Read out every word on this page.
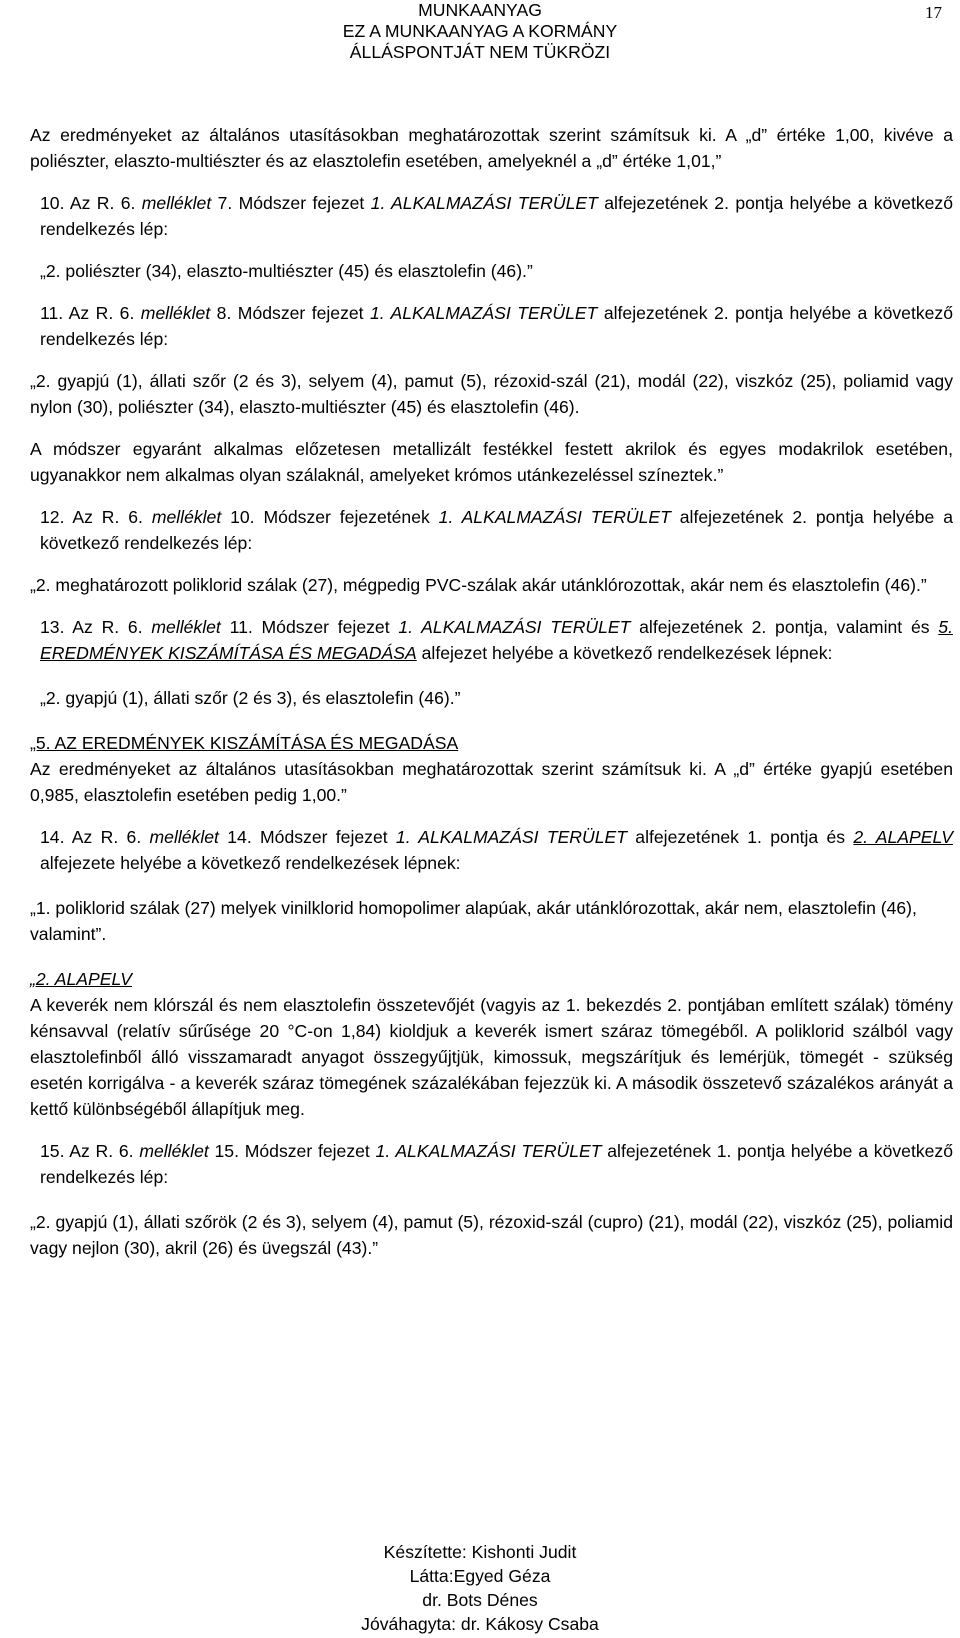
MUNKAANYAG
EZ A MUNKAANYAG A KORMÁNY
ÁLLÁSPONTJÁT NEM TÜKRÖZI
17

Az eredményeket az általános utasításokban meghatározottak szerint számítsuk ki. A „d” értéke 1,00, kivéve a poliészter, elaszto-multiészter és az elasztolefin esetében, amelyeknél a „d” értéke 1,01,”

10. Az R. 6. melléklet 7. Módszer fejezet 1. ALKALMAZÁSI TERÜLET alfejezetének 2. pontja helyébe a következő rendelkezés lép:

„2. poliészter (34), elaszto-multiészter (45) és elasztolefin (46).”

11. Az R. 6. melléklet 8. Módszer fejezet 1. ALKALMAZÁSI TERÜLET alfejezetének 2. pontja helyébe a következő rendelkezés lép:

„2. gyapjú (1), állati szőr (2 és 3), selyem (4), pamut (5), rézoxid-szál (21), modál (22), viszkóz (25), poliamid vagy nylon (30), poliészter (34), elaszto-multiészter (45) és elasztolefin (46).

A módszer egyaránt alkalmas előzetesen metallizált festékkel festett akrilok és egyes modakrilok esetében, ugyanakkor nem alkalmas olyan szálaknál, amelyeket krómos utánkezeléssel színeztek.”

12. Az R. 6. melléklet 10. Módszer fejezetének 1. ALKALMAZÁSI TERÜLET alfejezetének 2. pontja helyébe a következő rendelkezés lép:

„2. meghatározott poliklorid szálak (27), mégpedig PVC-szálak akár utánklórozottak, akár nem és elasztolefin (46).”

13. Az R. 6. melléklet 11. Módszer fejezet 1. ALKALMAZÁSI TERÜLET alfejezetének 2. pontja, valamint és 5. EREDMÉNYEK KISZÁMÍTÁSA ÉS MEGADÁSA alfejezet helyébe a következő rendelkezések lépnek:

„2. gyapjú (1), állati szőr (2 és 3), és elasztolefin (46).”

„5. AZ EREDMÉNYEK KISZÁMÍTÁSA ÉS MEGADÁSA

Az eredményeket az általános utasításokban meghatározottak szerint számítsuk ki. A „d” értéke gyapjú esetében 0,985, elasztolefin esetében pedig 1,00.”

14. Az R. 6. melléklet 14. Módszer fejezet 1. ALKALMAZÁSI TERÜLET alfejezetének 1. pontja és 2. ALAPELV alfejezete helyébe a következő rendelkezések lépnek:

„1. poliklorid szálak (27) melyek vinilklorid homopolimer alapúak, akár utánklórozottak, akár nem, elasztolefin (46),

valamint”.

„2. ALAPELV

A keverék nem klórszál és nem elasztolefin összetevőjét (vagyis az 1. bekezdés 2. pontjában említett szálak) tömény kénsavval (relatív sűrűsége 20 °C-on 1,84) kioldjuk a keverék ismert száraz tömegéből. A poliklorid szálból vagy elasztolefinből álló visszamaradt anyagot összegyűjtjük, kimossuk, megszárítjuk és lemérjük, tömegét - szükség esetén korrigálva - a keverék száraz tömegének százalékában fejezzük ki. A második összetevő százalékos arányát a kettő különbségéből állapítjuk meg.

15. Az R. 6. melléklet 15. Módszer fejezet 1. ALKALMAZÁSI TERÜLET alfejezetének 1. pontja helyébe a következő rendelkezés lép:

„2. gyapjú (1), állati szőrök (2 és 3), selyem (4), pamut (5), rézoxid-szál (cupro) (21), modál (22), viszkóz (25), poliamid vagy nejlon (30), akril (26) és üvegszál (43).”

Készítette: Kishonti Judit
Látta:Egyed Géza
dr. Bots Dénes
Jóváhagyta: dr. Kákosy Csaba
